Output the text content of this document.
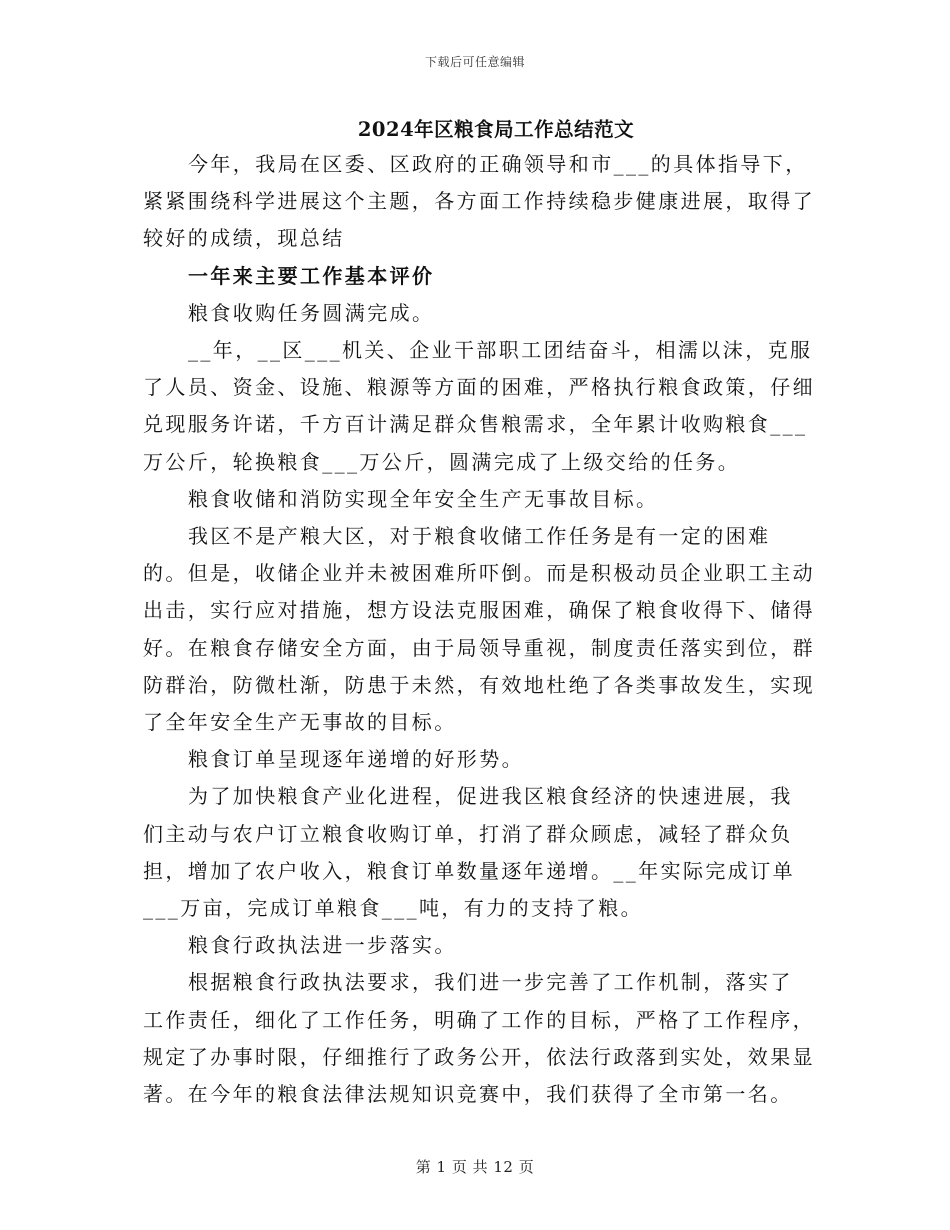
下载后可任意编辑
2024年区粮食局工作总结范文

今年，我局在区委、区政府的正确领导和市___的具体指导下，紧紧围绕科学进展这个主题，各方面工作持续稳步健康进展，取得了较好的成绩，现总结

一年来主要工作基本评价

粮食收购任务圆满完成。

__年，__区___机关、企业干部职工团结奋斗，相濡以沫，克服了人员、资金、设施、粮源等方面的困难，严格执行粮食政策，仔细兑现服务许诺，千方百计满足群众售粮需求，全年累计收购粮食___万公斤，轮换粮食___万公斤，圆满完成了上级交给的任务。

粮食收储和消防实现全年安全生产无事故目标。

我区不是产粮大区，对于粮食收储工作任务是有一定的困难的。但是，收储企业并未被困难所吓倒。而是积极动员企业职工主动出击，实行应对措施，想方设法克服困难，确保了粮食收得下、储得好。在粮食存储安全方面，由于局领导重视，制度责任落实到位，群防群治，防微杜渐，防患于未然，有效地杜绝了各类事故发生，实现了全年安全生产无事故的目标。

粮食订单呈现逐年递增的好形势。

为了加快粮食产业化进程，促进我区粮食经济的快速进展，我们主动与农户订立粮食收购订单，打消了群众顾虑，减轻了群众负担，增加了农户收入，粮食订单数量逐年递增。__年实际完成订单___万亩，完成订单粮食___吨，有力的支持了粮。

粮食行政执法进一步落实。

根据粮食行政执法要求，我们进一步完善了工作机制，落实了工作责任，细化了工作任务，明确了工作的目标，严格了工作程序，规定了办事时限，仔细推行了政务公开，依法行政落到实处，效果显著。在今年的粮食法律法规知识竞赛中，我们获得了全市第一名。

第 1 页 共 12 页
